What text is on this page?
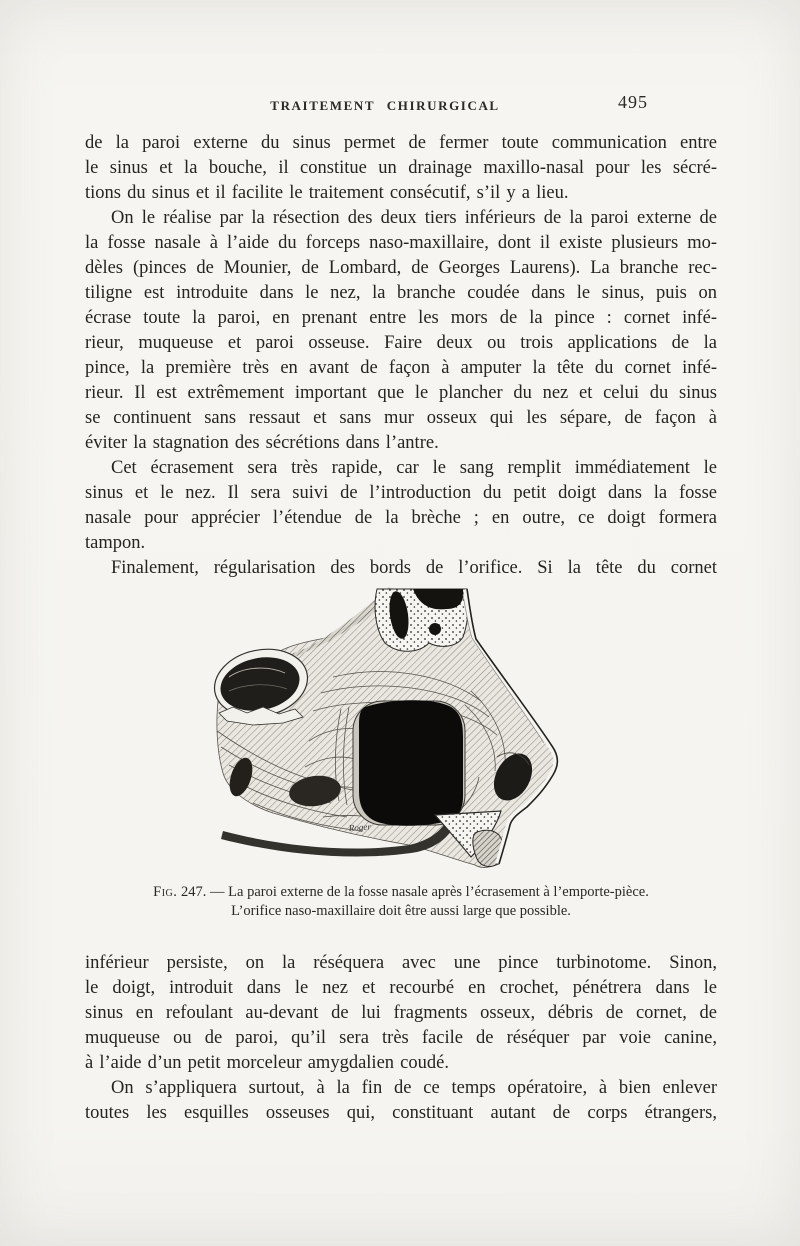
TRAITEMENT CHIRURGICAL	495
de la paroi externe du sinus permet de fermer toute communication entre
le sinus et la bouche, il constitue un drainage maxillo-nasal pour les sécré-
tions du sinus et il facilite le traitement consécutif, s’il y a lieu.
On le réalise par la résection des deux tiers inférieurs de la paroi externe de
la fosse nasale à l’aide du forceps naso-maxillaire, dont il existe plusieurs mo-
dèles (pinces de Mounier, de Lombard, de Georges Laurens). La branche rec-
tiligne est introduite dans le nez, la branche coudée dans le sinus, puis on
écrase toute la paroi, en prenant entre les mors de la pince : cornet infé-
rieur, muqueuse et paroi osseuse. Faire deux ou trois applications de la
pince, la première très en avant de façon à amputer la tête du cornet infé-
rieur. Il est extrêmement important que le plancher du nez et celui du sinus
se continuent sans ressaut et sans mur osseux qui les sépare, de façon à
éviter la stagnation des sécrétions dans l’antre.
Cet écrasement sera très rapide, car le sang remplit immédiatement le
sinus et le nez. Il sera suivi de l’introduction du petit doigt dans la fosse
nasale pour apprécier l’étendue de la brèche ; en outre, ce doigt formera
tampon.
Finalement, régularisation des bords de l’orifice. Si la tête du cornet
Roger
Fig. 247. — La paroi externe de la fosse nasale après l’écrasement à l’emporte-pièce.
L’orifice naso-maxillaire doit être aussi large que possible.
inférieur persiste, on la réséquera avec une pince turbinotome. Sinon,
le doigt, introduit dans le nez et recourbé en crochet, pénétrera dans le
sinus en refoulant au-devant de lui fragments osseux, débris de cornet, de
muqueuse ou de paroi, qu’il sera très facile de réséquer par voie canine,
à l’aide d’un petit morceleur amygdalien coudé.
On s’appliquera surtout, à la fin de ce temps opératoire, à bien enlever
toutes les esquilles osseuses qui, constituant autant de corps étrangers,
